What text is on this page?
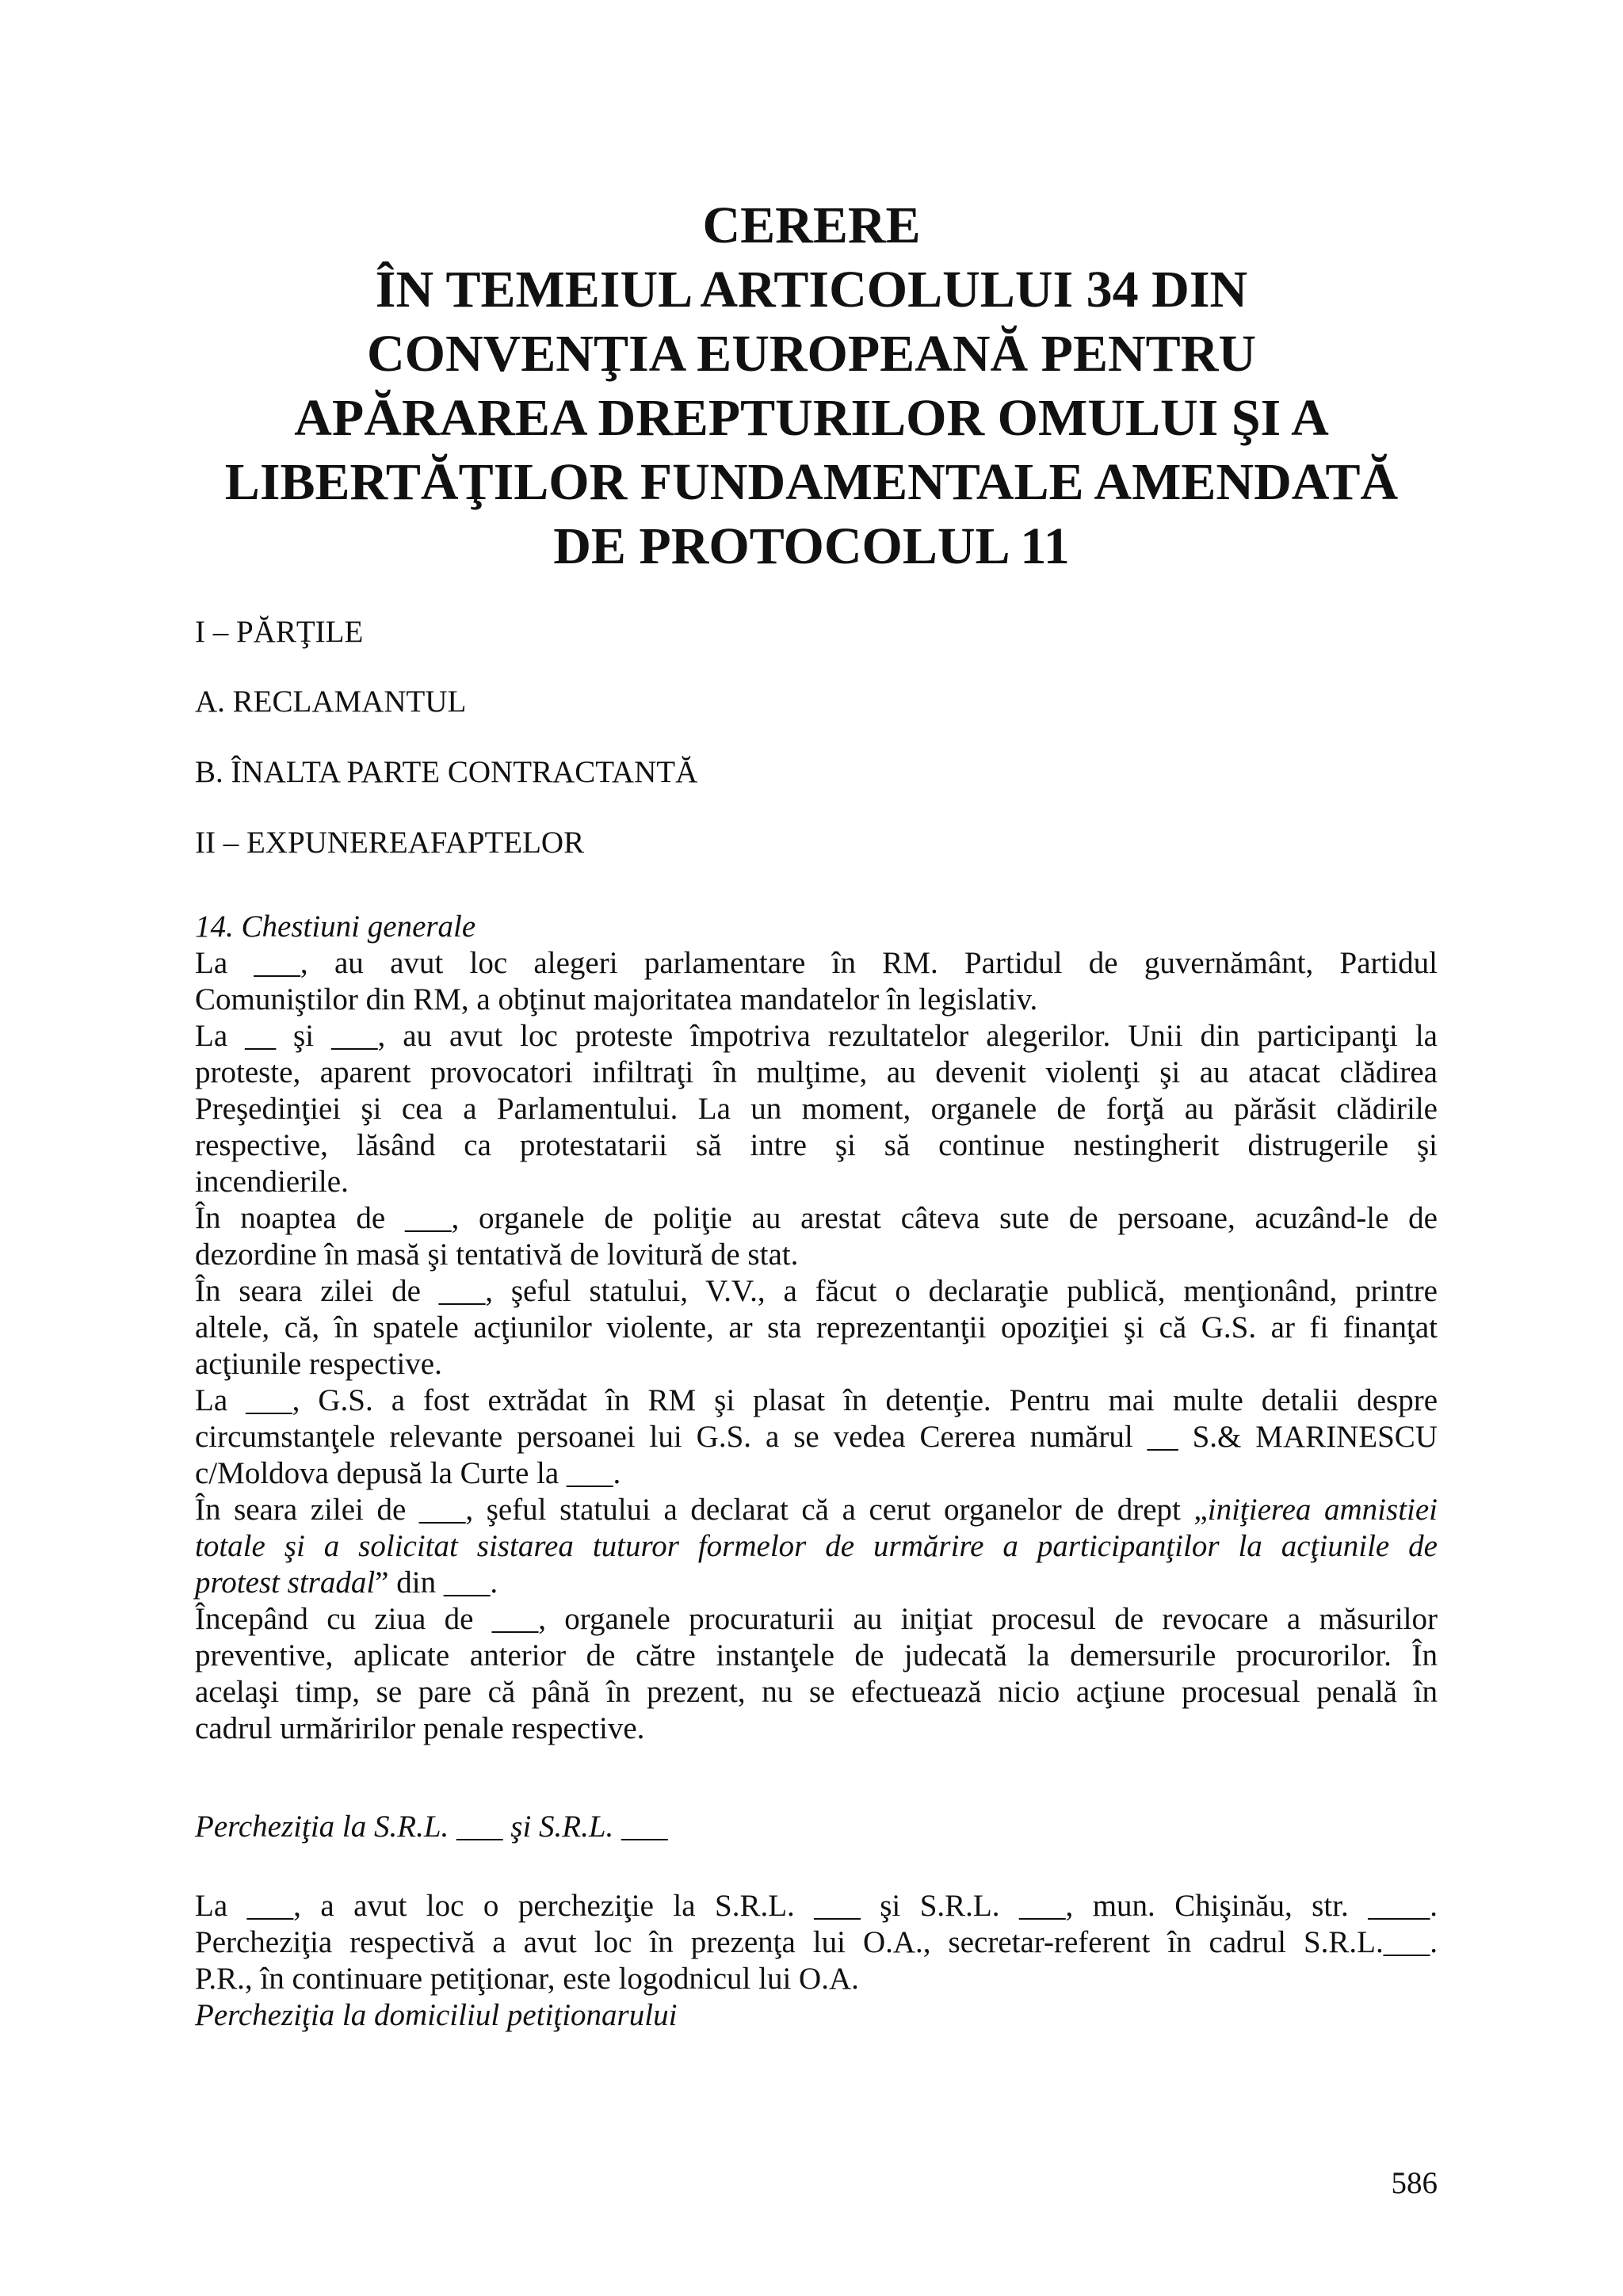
CERERE
ÎN TEMEIUL ARTICOLULUI 34 DIN
CONVENŢIA EUROPEANĂ PENTRU
APĂRAREA DREPTURILOR OMULUI ŞI A
LIBERTĂŢILOR FUNDAMENTALE AMENDATĂ
DE PROTOCOLUL 11
I – PĂRŢILE
A. RECLAMANTUL
B. ÎNALTA PARTE CONTRACTANTĂ
II – EXPUNEREAFAPTELOR
14. Chestiuni generale
La ___, au avut loc alegeri parlamentare în RM. Partidul de guvernământ, Partidul
Comuniştilor din RM, a obţinut majoritatea mandatelor în legislativ.
La __ şi ___, au avut loc proteste împotriva rezultatelor alegerilor. Unii din participanţi la
proteste, aparent provocatori infiltraţi în mulţime, au devenit violenţi şi au atacat clădirea
Preşedinţiei şi cea a Parlamentului. La un moment, organele de forţă au părăsit clădirile
respective, lăsând ca protestatarii să intre şi să continue nestingherit distrugerile şi
incendierile.
În noaptea de ___, organele de poliţie au arestat câteva sute de persoane, acuzând-le de
dezordine în masă şi tentativă de lovitură de stat.
În seara zilei de ___, şeful statului, V.V., a făcut o declaraţie publică, menţionând, printre
altele, că, în spatele acţiunilor violente, ar sta reprezentanţii opoziţiei şi că G.S. ar fi finanţat
acţiunile respective.
La ___, G.S. a fost extrădat în RM şi plasat în detenţie. Pentru mai multe detalii despre
circumstanţele relevante persoanei lui G.S. a se vedea Cererea numărul __ S.& MARINESCU
c/Moldova depusă la Curte la ___.
În seara zilei de ___, şeful statului a declarat că a cerut organelor de drept „iniţierea amnistiei
totale şi a solicitat sistarea tuturor formelor de urmărire a participanţilor la acţiunile de
protest stradal” din ___.
Începând cu ziua de ___, organele procuraturii au iniţiat procesul de revocare a măsurilor
preventive, aplicate anterior de către instanţele de judecată la demersurile procurorilor. În
acelaşi timp, se pare că până în prezent, nu se efectuează nicio acţiune procesual penală în
cadrul urmăririlor penale respective.
Percheziţia la S.R.L. ___ şi S.R.L. ___
La ___, a avut loc o percheziţie la S.R.L. ___ şi S.R.L. ___, mun. Chişinău, str. ____.
Percheziţia respectivă a avut loc în prezenţa lui O.A., secretar-referent în cadrul S.R.L.___.
P.R., în continuare petiţionar, este logodnicul lui O.A.
Percheziţia la domiciliul petiţionarului
586
